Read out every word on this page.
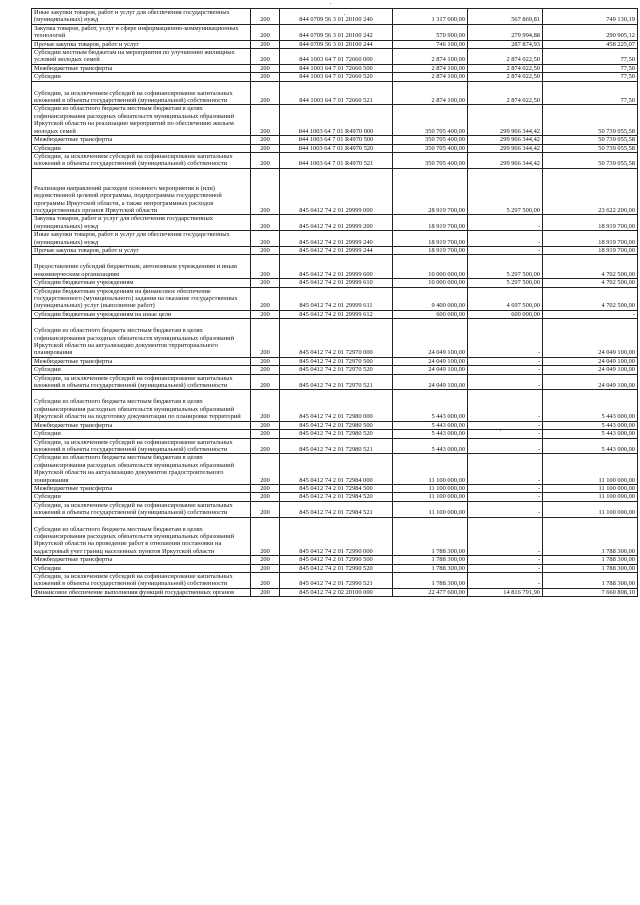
Иные закупки товаров, работ и услуг для обеспечения государственных (муниципальных) нужд	200	844 0709 56 3 01 20100 240	1 317 000,00	567 869,81	749 130,19
Закупка товаров, работ, услуг в сфере информационно-коммуникационных технологий	200	844 0709 56 3 01 20100 242	570 900,00	279 994,88	290 905,12
Прочая закупка товаров, работ и услуг	200	844 0709 56 3 01 20100 244	746 100,00	287 874,93	458 225,07
Субсидии местным бюджетам на мероприятия по улучшению жилищных условий молодых семей	200	844 1003 64 7 01 72660 000	2 874 100,00	2 874 022,50	77,50
Межбюджетные трансферты	200	844 1003 64 7 01 72660 500	2 874 100,00	2 874 022,50	77,50
Субсидии	200	844 1003 64 7 01 72660 520	2 874 100,00	2 874 022,50	77,50
Субсидии, за исключением субсидий на софинансирование капитальных вложений в объекты государственной (муниципальной) собственности	200	844 1003 64 7 01 72660 521	2 874 100,00	2 874 022,50	77,50
Субсидии из областного бюджета местным бюджетам в целях софинансирования расходных обязательств муниципальных образований Иркутской области на реализацию мероприятий по обеспечению жильем молодых семей	200	844 1003 64 7 01 R4970 000	350 705 400,00	299 966 344,42	50 739 055,58
Межбюджетные трансферты	200	844 1003 64 7 01 R4970 500	350 705 400,00	299 966 344,42	50 739 055,58
Субсидии	200	844 1003 64 7 01 R4970 520	350 705 400,00	299 966 344,42	50 739 055,58
Субсидии, за исключением субсидий на софинансирование капитальных вложений в объекты государственной (муниципальной) собственности	200	844 1003 64 7 01 R4970 521	350 705 400,00	299 966 344,42	50 739 055,58
Реализация направлений расходов основного мероприятия и (или) ведомственной целевой программы, подпрограммы государственной программы Иркутской области, а также непрограммных расходов государственных органов Иркутской области	200	845 0412 74 2 01 29999 000	28 919 700,00	5 297 500,00	23 622 200,00
Закупка товаров, работ и услуг для обеспечения государственных (муниципальных) нужд	200	845 0412 74 2 01 29999 200	18 919 700,00	-	18 919 700,00
Иные закупки товаров, работ и услуг для обеспечения государственных (муниципальных) нужд	200	845 0412 74 2 01 29999 240	18 919 700,00	-	18 919 700,00
Прочая закупка товаров, работ и услуг	200	845 0412 74 2 01 29999 244	18 919 700,00	-	18 919 700,00
Предоставление субсидий бюджетным, автономным учреждениям и иным некоммерческим организациям	200	845 0412 74 2 01 29999 600	10 000 000,00	5 297 500,00	4 702 500,00
Субсидии бюджетным учреждениям	200	845 0412 74 2 01 29999 610	10 000 000,00	5 297 500,00	4 702 500,00
Субсидии бюджетным учреждениям на финансовое обеспечение государственного (муниципального) задания на оказание государственных (муниципальных) услуг (выполнение работ)	200	845 0412 74 2 01 29999 611	9 400 000,00	4 697 500,00	4 702 500,00
Субсидии бюджетным учреждениям на иные цели	200	845 0412 74 2 01 29999 612	600 000,00	600 000,00	-
Субсидии из областного бюджета местным бюджетам в целях софинансирования расходных обязательств муниципальных образований Иркутской области на актуализацию документов территориального планирования	200	845 0412 74 2 01 72970 000	24 049 100,00	-	24 049 100,00
Межбюджетные трансферты	200	845 0412 74 2 01 72970 500	24 049 100,00	-	24 049 100,00
Субсидии	200	845 0412 74 2 01 72970 520	24 049 100,00	-	24 049 100,00
Субсидии, за исключением субсидий на софинансирование капитальных вложений в объекты государственной (муниципальной) собственности	200	845 0412 74 2 01 72970 521	24 049 100,00	-	24 049 100,00
Субсидии из областного бюджета местным бюджетам в целях софинансирования расходных обязательств муниципальных образований Иркутской области на подготовку документации по планировке территорий	200	845 0412 74 2 01 72980 000	5 443 000,00	-	5 443 000,00
Межбюджетные трансферты	200	845 0412 74 2 01 72980 500	5 443 000,00	-	5 443 000,00
Субсидии	200	845 0412 74 2 01 72980 520	5 443 000,00	-	5 443 000,00
Субсидии, за исключением субсидий на софинансирование капитальных вложений в объекты государственной (муниципальной) собственности	200	845 0412 74 2 01 72980 521	5 443 000,00	-	5 443 000,00
Субсидии из областного бюджета местным бюджетам в целях софинансирования расходных обязательств муниципальных образований Иркутской области на актуализацию документов градостроительного зонирования	200	845 0412 74 2 01 72984 000	11 100 000,00	-	11 100 000,00
Межбюджетные трансферты	200	845 0412 74 2 01 72984 500	11 100 000,00	-	11 100 000,00
Субсидии	200	845 0412 74 2 01 72984 520	11 100 000,00	-	11 100 000,00
Субсидии, за исключением субсидий на софинансирование капитальных вложений в объекты государственной (муниципальной) собственности	200	845 0412 74 2 01 72984 521	11 100 000,00	-	11 100 000,00
Субсидии из областного бюджета местным бюджетам в целях софинансирования расходных обязательств муниципальных образований Иркутской области на проведение работ в отношении постановки на кадастровый учет границ населенных пунктов Иркутской области	200	845 0412 74 2 01 72990 000	1 788 300,00	-	1 788 300,00
Межбюджетные трансферты	200	845 0412 74 2 01 72990 500	1 788 300,00	-	1 788 300,00
Субсидии	200	845 0412 74 2 01 72990 520	1 788 300,00	-	1 788 300,00
Субсидии, за исключением субсидий на софинансирование капитальных вложений в объекты государственной (муниципальной) собственности	200	845 0412 74 2 01 72990 521	1 788 300,00	-	1 788 300,00
Финансовое обеспечение выполнения функций государственных органов	200	845 0412 74 2 02 20100 000	22 477 600,00	14 816 791,90	7 660 808,10
